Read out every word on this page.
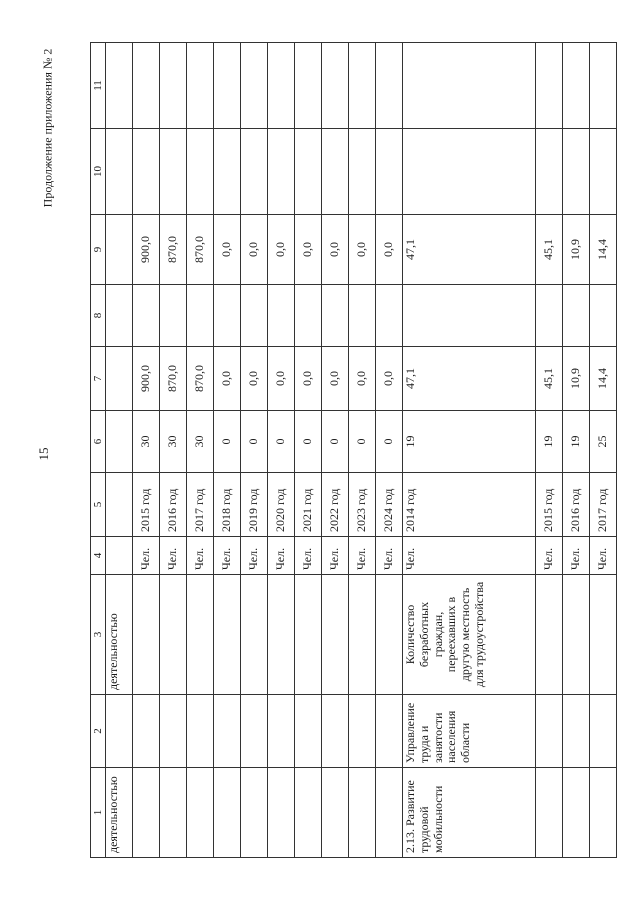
15
Продолжение приложения № 2
1	2	3	4	5	6	7	8	9	10	11
деятельностью		деятельностью								
			Чел.	2015 год	30	900,0		900,0		
			Чел.	2016 год	30	870,0		870,0		
			Чел.	2017 год	30	870,0		870,0		
			Чел.	2018 год	0	0,0		0,0		
			Чел.	2019 год	0	0,0		0,0		
			Чел.	2020 год	0	0,0		0,0		
			Чел.	2021 год	0	0,0		0,0		
			Чел.	2022 год	0	0,0		0,0		
			Чел.	2023 год	0	0,0		0,0		
			Чел.	2024 год	0	0,0		0,0		
2.13. Развитие трудовой мобильности	Управление труда и занятости населения области	Количество безработных граждан, переехавших в другую местность для трудоустройства	Чел.	2014 год	19	47,1		47,1		
			Чел.	2015 год	19	45,1		45,1		
			Чел.	2016 год	19	10,9		10,9		
			Чел.	2017 год	25	14,4		14,4		
